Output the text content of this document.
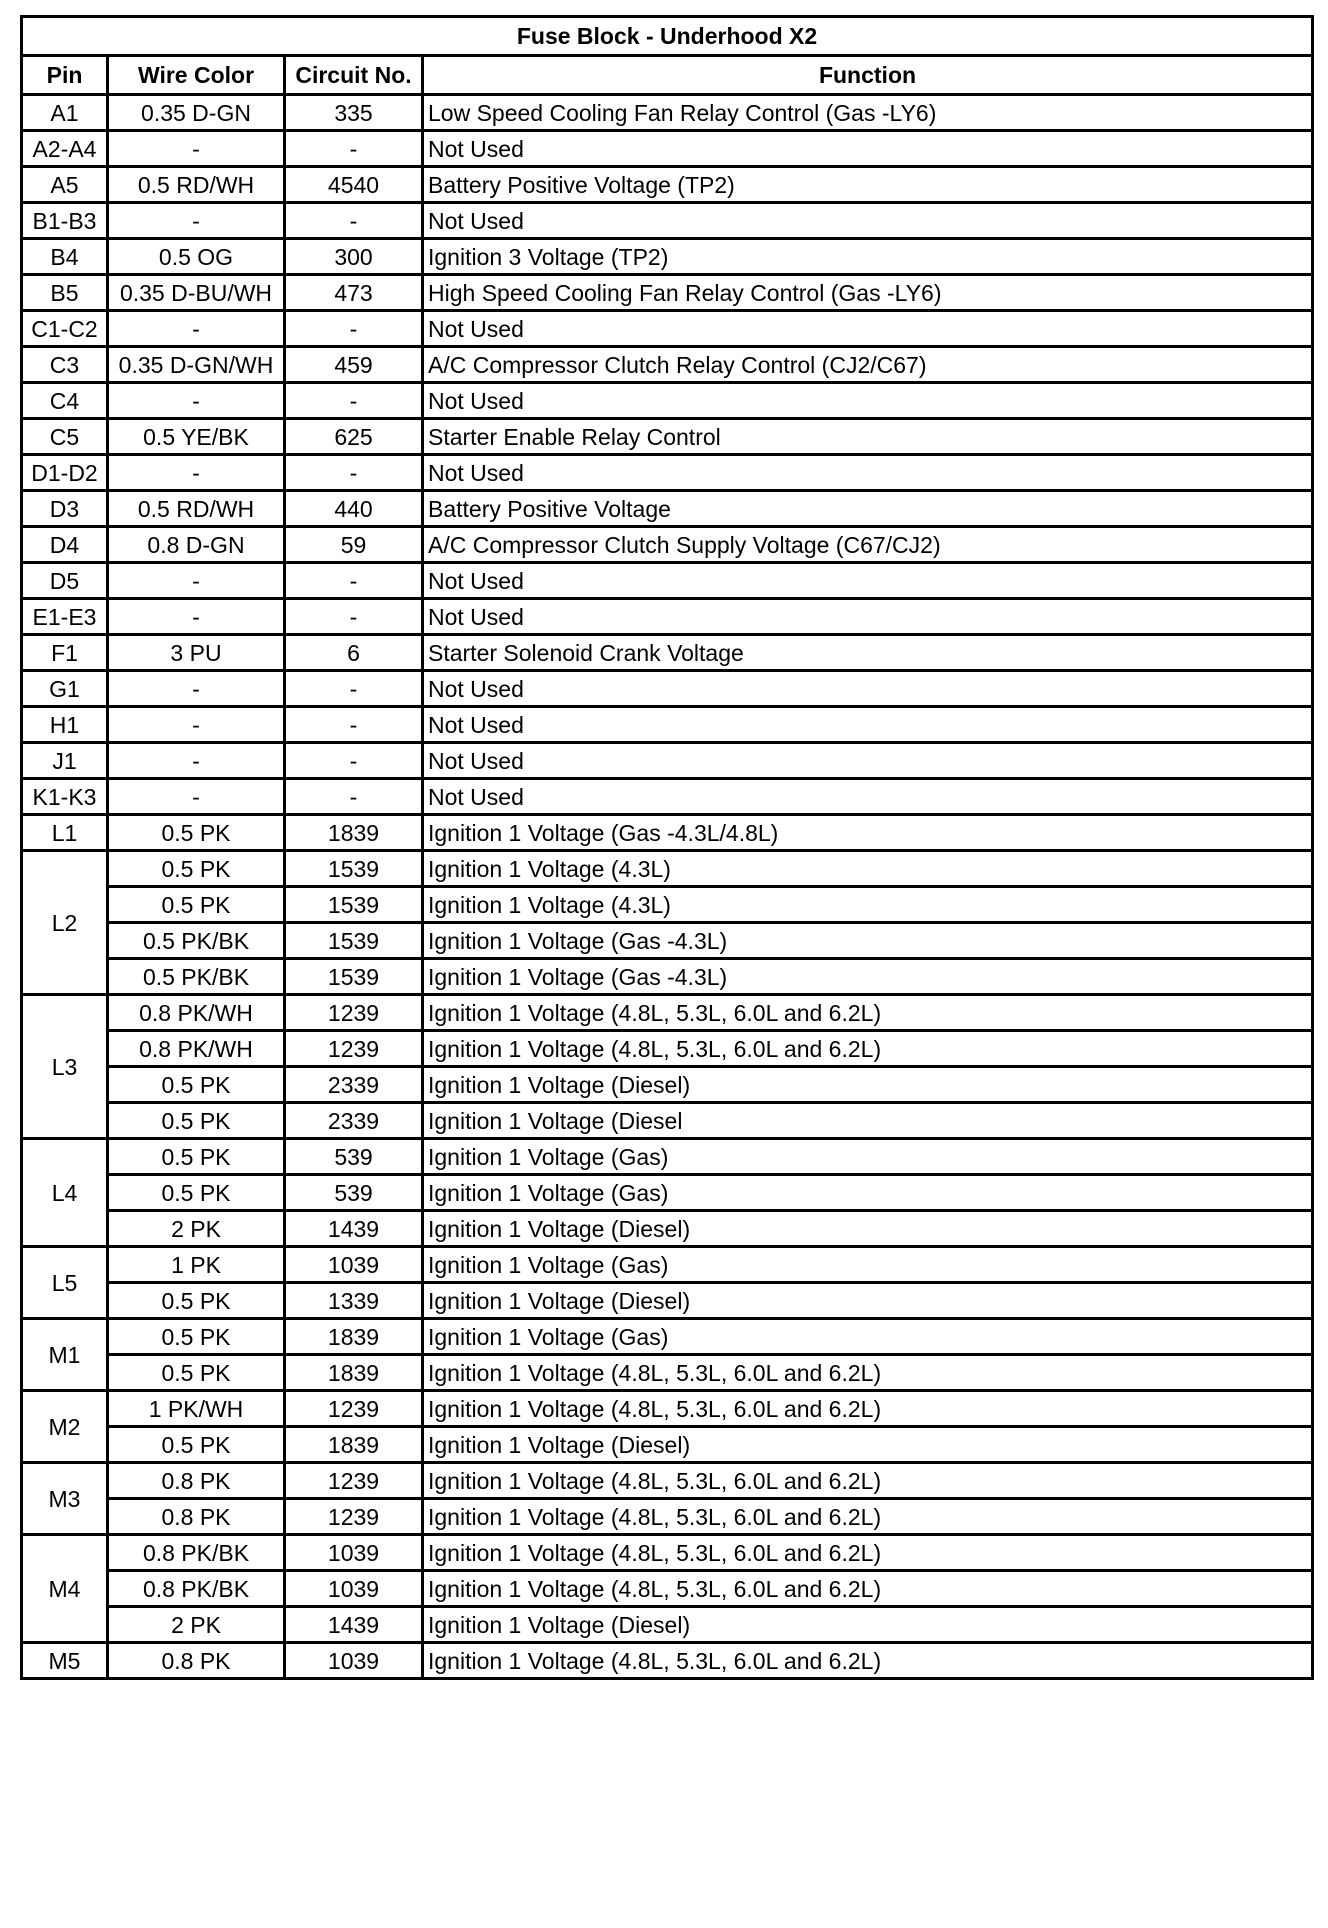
Fuse Block - Underhood X2			
Pin	Wire Color	Circuit No.	Function
A1	0.35 D-GN	335	Low Speed Cooling Fan Relay Control (Gas -LY6)
A2-A4	-	-	Not Used
A5	0.5 RD/WH	4540	Battery Positive Voltage (TP2)
B1-B3	-	-	Not Used
B4	0.5 OG	300	Ignition 3 Voltage (TP2)
B5	0.35 D-BU/WH	473	High Speed Cooling Fan Relay Control (Gas -LY6)
C1-C2	-	-	Not Used
C3	0.35 D-GN/WH	459	A/C Compressor Clutch Relay Control (CJ2/C67)
C4	-	-	Not Used
C5	0.5 YE/BK	625	Starter Enable Relay Control
D1-D2	-	-	Not Used
D3	0.5 RD/WH	440	Battery Positive Voltage
D4	0.8 D-GN	59	A/C Compressor Clutch Supply Voltage (C67/CJ2)
D5	-	-	Not Used
E1-E3	-	-	Not Used
F1	3 PU	6	Starter Solenoid Crank Voltage
G1	-	-	Not Used
H1	-	-	Not Used
J1	-	-	Not Used
K1-K3	-	-	Not Used
L1	0.5 PK	1839	Ignition 1 Voltage (Gas -4.3L/4.8L)
L2	0.5 PK	1539	Ignition 1 Voltage (4.3L)
	0.5 PK	1539	Ignition 1 Voltage (4.3L)
	0.5 PK/BK	1539	Ignition 1 Voltage (Gas -4.3L)
	0.5 PK/BK	1539	Ignition 1 Voltage (Gas -4.3L)
L3	0.8 PK/WH	1239	Ignition 1 Voltage (4.8L, 5.3L, 6.0L and 6.2L)
	0.8 PK/WH	1239	Ignition 1 Voltage (4.8L, 5.3L, 6.0L and 6.2L)
	0.5 PK	2339	Ignition 1 Voltage (Diesel)
	0.5 PK	2339	Ignition 1 Voltage (Diesel
L4	0.5 PK	539	Ignition 1 Voltage (Gas)
	0.5 PK	539	Ignition 1 Voltage (Gas)
	2 PK	1439	Ignition 1 Voltage (Diesel)
L5	1 PK	1039	Ignition 1 Voltage (Gas)
	0.5 PK	1339	Ignition 1 Voltage (Diesel)
M1	0.5 PK	1839	Ignition 1 Voltage (Gas)
	0.5 PK	1839	Ignition 1 Voltage (4.8L, 5.3L, 6.0L and 6.2L)
M2	1 PK/WH	1239	Ignition 1 Voltage (4.8L, 5.3L, 6.0L and 6.2L)
	0.5 PK	1839	Ignition 1 Voltage (Diesel)
M3	0.8 PK	1239	Ignition 1 Voltage (4.8L, 5.3L, 6.0L and 6.2L)
	0.8 PK	1239	Ignition 1 Voltage (4.8L, 5.3L, 6.0L and 6.2L)
M4	0.8 PK/BK	1039	Ignition 1 Voltage (4.8L, 5.3L, 6.0L and 6.2L)
	0.8 PK/BK	1039	Ignition 1 Voltage (4.8L, 5.3L, 6.0L and 6.2L)
	2 PK	1439	Ignition 1 Voltage (Diesel)
M5	0.8 PK	1039	Ignition 1 Voltage (4.8L, 5.3L, 6.0L and 6.2L)
